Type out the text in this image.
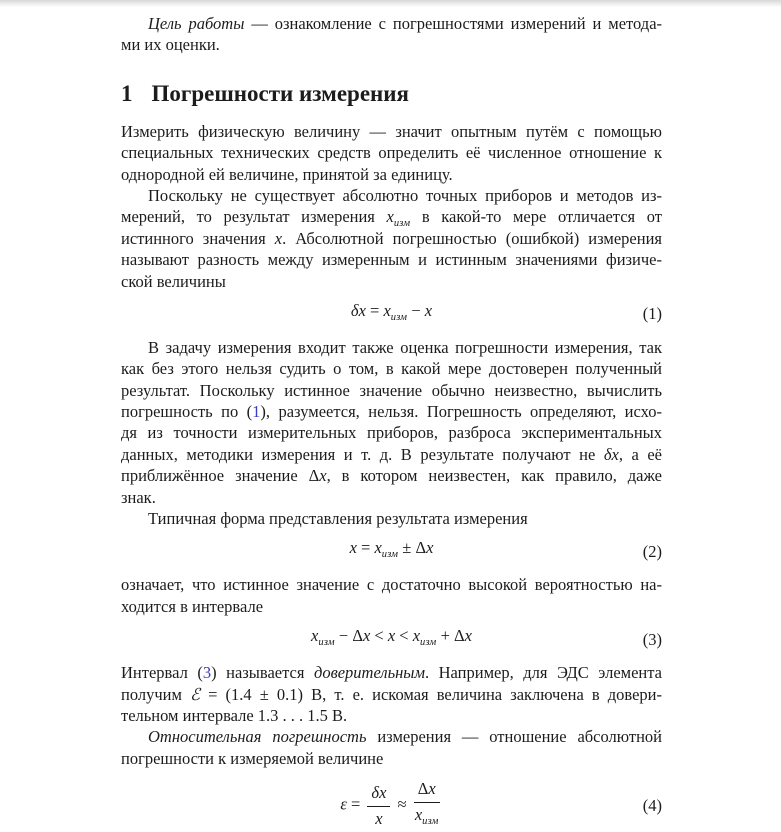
Цель работы — ознакомление с погрешностями измерений и метода-
ми их оценки.
1 Погрешности измерения
Измерить физическую величину — значит опытным путём с помощью
специальных технических средств определить её численное отношение к
однородной ей величине, принятой за единицу.
Поскольку не существует абсолютно точных приборов и методов из-
мерений, то результат измерения $x_{изм}$ в какой-то мере отличается от
истинного значения x. Абсолютной погрешностью (ошибкой) измерения
называют разность между измеренным и истинным значениями физиче-
ской величины
$\delta x = x_{изм} - x$	(1)
В задачу измерения входит также оценка погрешности измерения, так
как без этого нельзя судить о том, в какой мере достоверен полученный
результат. Поскольку истинное значение обычно неизвестно, вычислить
погрешность по (1), разумеется, нельзя. Погрешность определяют, исхо-
дя из точности измерительных приборов, разброса экспериментальных
данных, методики измерения и т. д. В результате получают не δx, а её
приближённое значение Δx, в котором неизвестен, как правило, даже
знак.
Типичная форма представления результата измерения
$x = x_{изм} \pm \Delta x$	(2)
означает, что истинное значение с достаточно высокой вероятностью на-
ходится в интервале
$x_{изм} - \Delta x < x < x_{изм} + \Delta x$	(3)
Интервал (3) называется доверительным. Например, для ЭДС элемента
получим ℰ = (1.4 ± 0.1) В, т. е. искомая величина заключена в довери-
тельном интервале 1.3 . . . 1.5 В.
Относительная погрешность измерения — отношение абсолютной
погрешности к измеряемой величине
$\varepsilon = \frac{\delta x}{x} \approx \frac{\Delta x}{x_{изм}}$	(4)
